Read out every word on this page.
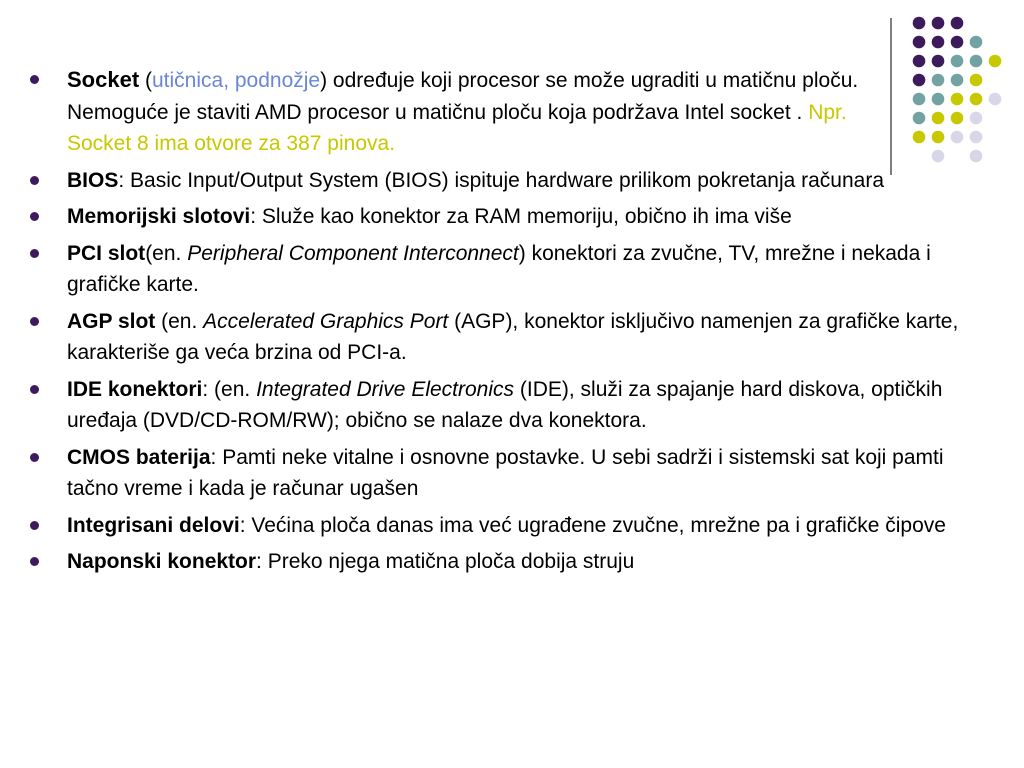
Socket (utičnica, podnožje) određuje koji procesor se može ugraditi u matičnu ploču. Nemoguće je staviti AMD procesor u matičnu ploču koja podržava Intel socket . Npr. Socket 8 ima otvore za 387 pinova.
BIOS: Basic Input/Output System (BIOS) ispituje hardware prilikom pokretanja računara
Memorijski slotovi: Služe kao konektor za RAM memoriju, obično ih ima više
PCI slot(en. Peripheral Component Interconnect) konektori za zvučne, TV, mrežne i nekada i grafičke karte.
AGP slot (en. Accelerated Graphics Port (AGP), konektor isključivo namenjen za grafičke karte, karakteriše ga veća brzina od PCI-a.
IDE konektori: (en. Integrated Drive Electronics (IDE), služi za spajanje hard diskova, optičkih uređaja (DVD/CD-ROM/RW); obično se nalaze dva konektora.
CMOS baterija: Pamti neke vitalne i osnovne postavke. U sebi sadrži i sistemski sat koji pamti tačno vreme i kada je računar ugašen
Integrisani delovi: Većina ploča danas ima već ugrađene zvučne, mrežne pa i grafičke čipove
Naponski konektor: Preko njega matična ploča dobija struju
